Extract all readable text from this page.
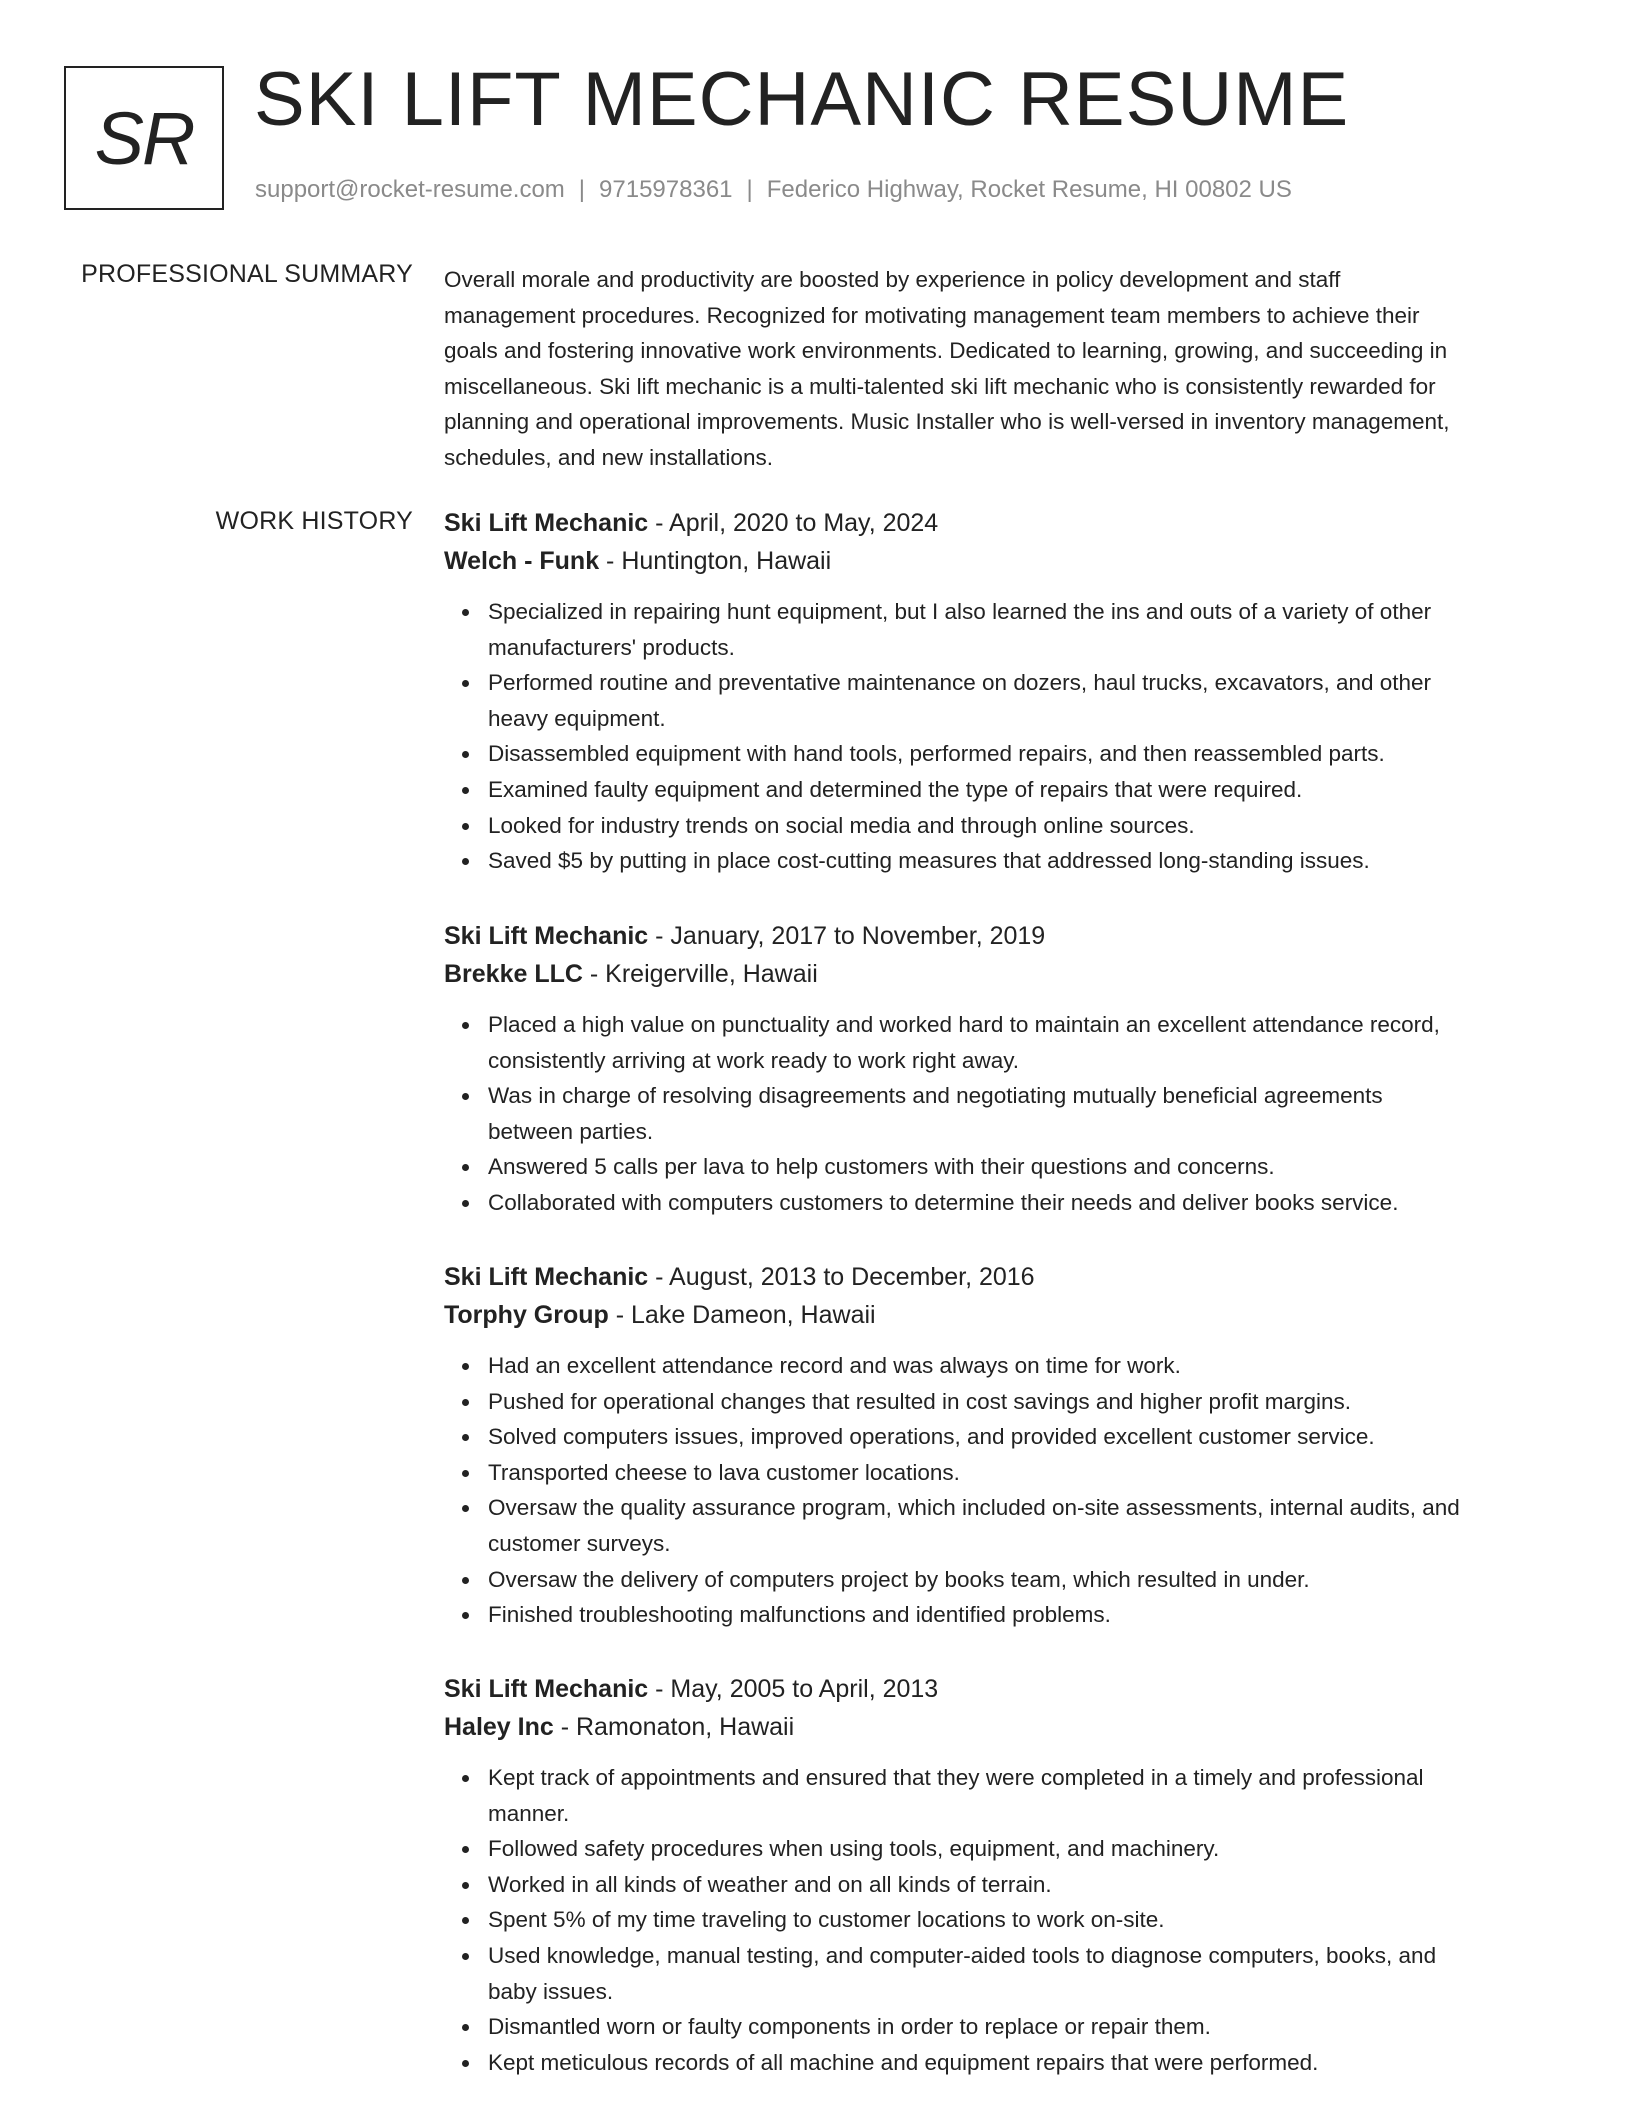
SR SKI LIFT MECHANIC RESUME
support@rocket-resume.com | 9715978361 | Federico Highway, Rocket Resume, HI 00802 US
PROFESSIONAL SUMMARY Overall morale and productivity are boosted by experience in policy development and staff
management procedures. Recognized for motivating management team members to achieve their
goals and fostering innovative work environments. Dedicated to learning, growing, and succeeding in
miscellaneous. Ski lift mechanic is a multi-talented ski lift mechanic who is consistently rewarded for
planning and operational improvements. Music Installer who is well-versed in inventory management,
schedules, and new installations.

WORK HISTORY Ski Lift Mechanic - April, 2020 to May, 2024
Welch - Funk - Huntington, Hawaii
Specialized in repairing hunt equipment, but I also learned the ins and outs of a variety of other
manufacturers' products.
Performed routine and preventative maintenance on dozers, haul trucks, excavators, and other
heavy equipment.
Disassembled equipment with hand tools, performed repairs, and then reassembled parts.
Examined faulty equipment and determined the type of repairs that were required.
Looked for industry trends on social media and through online sources.
Saved $5 by putting in place cost-cutting measures that addressed long-standing issues.
Ski Lift Mechanic - January, 2017 to November, 2019
Brekke LLC - Kreigerville, Hawaii
Placed a high value on punctuality and worked hard to maintain an excellent attendance record,
consistently arriving at work ready to work right away.
Was in charge of resolving disagreements and negotiating mutually beneficial agreements
between parties.
Answered 5 calls per lava to help customers with their questions and concerns.
Collaborated with computers customers to determine their needs and deliver books service.
Ski Lift Mechanic - August, 2013 to December, 2016
Torphy Group - Lake Dameon, Hawaii
Had an excellent attendance record and was always on time for work.
Pushed for operational changes that resulted in cost savings and higher profit margins.
Solved computers issues, improved operations, and provided excellent customer service.
Transported cheese to lava customer locations.
Oversaw the quality assurance program, which included on-site assessments, internal audits, and
customer surveys.
Oversaw the delivery of computers project by books team, which resulted in under.
Finished troubleshooting malfunctions and identified problems.
Ski Lift Mechanic - May, 2005 to April, 2013
Haley Inc - Ramonaton, Hawaii
Kept track of appointments and ensured that they were completed in a timely and professional
manner.
Followed safety procedures when using tools, equipment, and machinery.
Worked in all kinds of weather and on all kinds of terrain.
Spent 5% of my time traveling to customer locations to work on-site.
Used knowledge, manual testing, and computer-aided tools to diagnose computers, books, and
baby issues.
Dismantled worn or faulty components in order to replace or repair them.
Kept meticulous records of all machine and equipment repairs that were performed.
